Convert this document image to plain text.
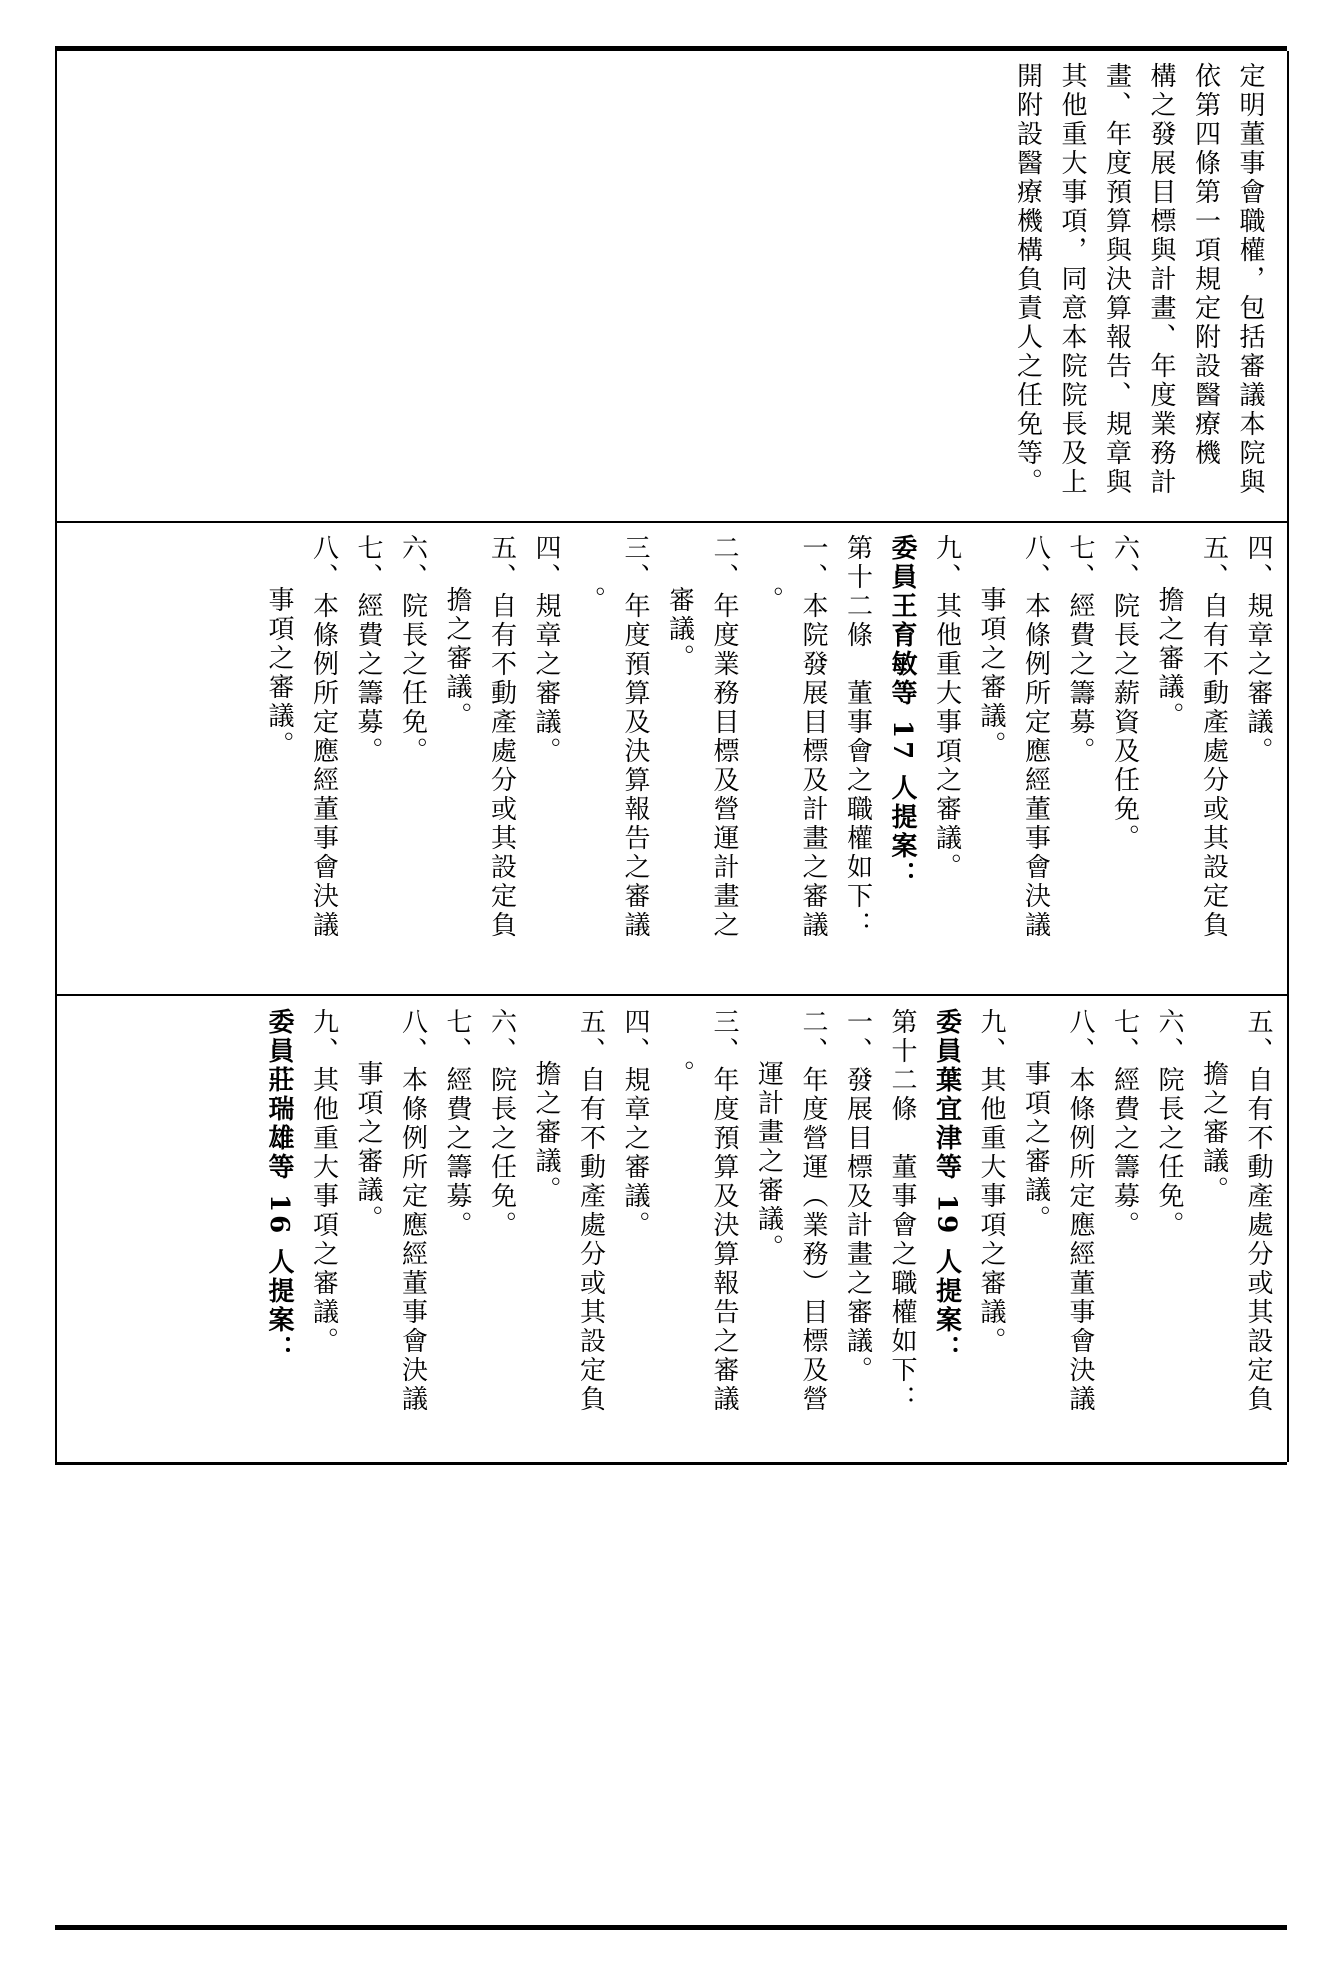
定明董事會職權，包括審議本院與
依第四條第一項規定附設醫療機
構之發展目標與計畫、年度業務計
畫、年度預算與決算報告、規章與
其他重大事項，同意本院院長及上
開附設醫療機構負責人之任免等。
四、規章之審議。
五、自有不動產處分或其設定負
擔之審議。
六、院長之薪資及任免。
七、經費之籌募。
八、本條例所定應經董事會決議
事項之審議。
九、其他重大事項之審議。
委員王育敏等 17 人提案：
第十二條　董事會之職權如下：
一、本院發展目標及計畫之審議
。
二、年度業務目標及營運計畫之
審議。
三、年度預算及決算報告之審議
。
四、規章之審議。
五、自有不動產處分或其設定負
擔之審議。
六、院長之任免。
七、經費之籌募。
八、本條例所定應經董事會決議
事項之審議。
五、自有不動產處分或其設定負
擔之審議。
六、院長之任免。
七、經費之籌募。
八、本條例所定應經董事會決議
事項之審議。
九、其他重大事項之審議。
委員葉宜津等 19 人提案：
第十二條　董事會之職權如下：
一、發展目標及計畫之審議。
二、年度營運（業務）目標及營
運計畫之審議。
三、年度預算及決算報告之審議
。
四、規章之審議。
五、自有不動產處分或其設定負
擔之審議。
六、院長之任免。
七、經費之籌募。
八、本條例所定應經董事會決議
事項之審議。
九、其他重大事項之審議。
委員莊瑞雄等 16 人提案：
